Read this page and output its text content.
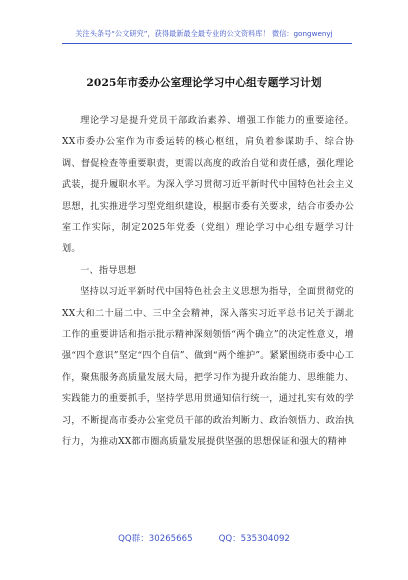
关注头条号“公文研究”，获得最新最全最专业的公文资料库！ 微信：gongwenyj
2025年市委办公室理论学习中心组专题学习计划

理论学习是提升党员干部政治素养、增强工作能力的重要途径。XX市委办公室作为市委运转的核心枢纽，肩负着参谋助手、综合协调、督促检查等重要职责，更需以高度的政治自觉和责任感，强化理论武装，提升履职水平。为深入学习贯彻习近平新时代中国特色社会主义思想，扎实推进学习型党组织建设，根据市委有关要求，结合市委办公室工作实际，制定2025年党委（党组）理论学习中心组专题学习计划。

一、指导思想

坚持以习近平新时代中国特色社会主义思想为指导，全面贯彻党的XX大和二十届二中、三中全会精神，深入落实习近平总书记关于湖北工作的重要讲话和指示批示精神深刻领悟“两个确立”的决定性意义，增强“四个意识”坚定“四个自信”、做到“两个维护”。紧紧围绕市委中心工作，聚焦服务高质量发展大局，把学习作为提升政治能力、思维能力、实践能力的重要抓手，坚持学思用贯通知信行统一，通过扎实有效的学习，不断提高市委办公室党员干部的政治判断力、政治领悟力、政治执行力，为推动XX都市圈高质量发展提供坚强的思想保证和强大的精神

QQ群：30265665	QQ：535304092
